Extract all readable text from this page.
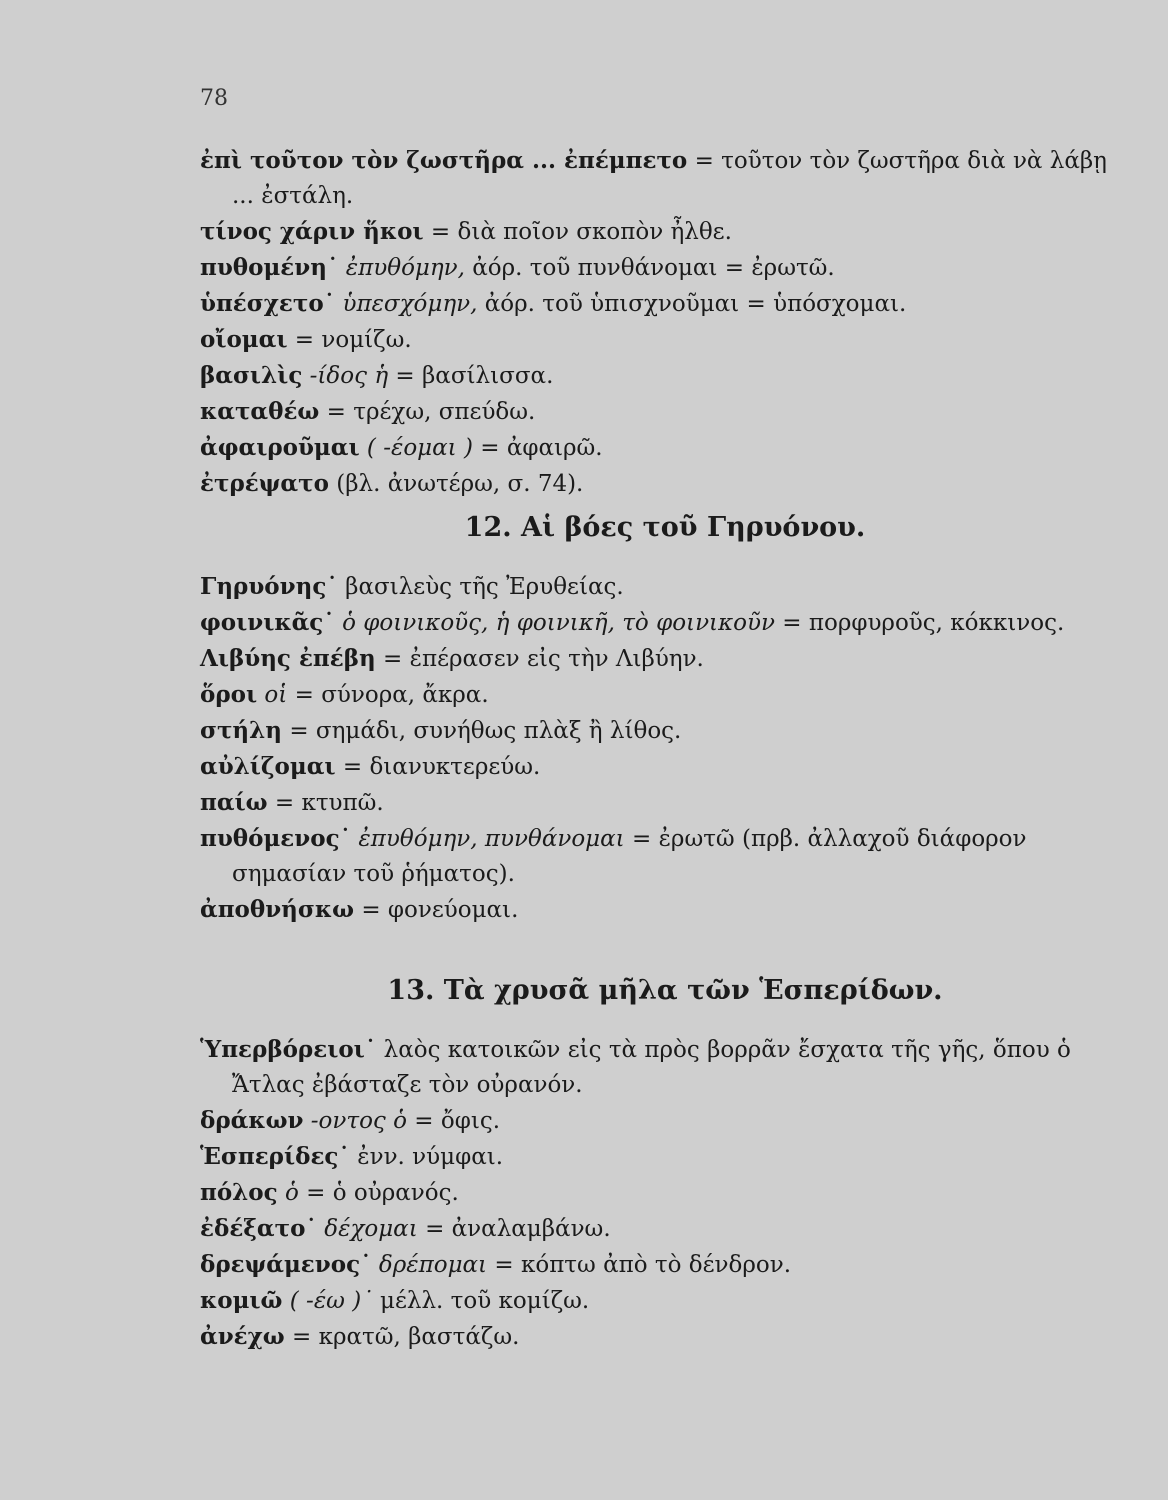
78

ἐπὶ τοῦτον τὸν ζωστῆρα ... ἐπέμπετο = τοῦτον τὸν ζωστῆρα διὰ νὰ λάβῃ ... ἐστάλη.

τίνος χάριν ἥκοι = διὰ ποῖον σκοπὸν ἦλθε.

πυθομένη˙ ἐπυθόμην, ἀόρ. τοῦ πυνθάνομαι = ἐρωτῶ.

ὑπέσχετο˙ ὑπεσχόμην, ἀόρ. τοῦ ὑπισχνοῦμαι = ὑπόσχομαι.

οἴομαι = νομίζω.

βασιλὶς -ίδος ἡ = βασίλισσα.

καταθέω = τρέχω, σπεύδω.

ἀφαιροῦμαι ( -έομαι ) = ἀφαιρῶ.

ἐτρέψατο (βλ. ἀνωτέρω, σ. 74).

12. Αἱ βόες τοῦ Γηρυόνου.

Γηρυόνης˙ βασιλεὺς τῆς Ἐρυθείας.

φοινικᾶς˙ ὁ φοινικοῦς, ἡ φοινικῆ, τὸ φοινικοῦν = πορφυροῦς, κόκκινος.

Λιβύης ἐπέβη = ἐπέρασεν εἰς τὴν Λιβύην.

ὅροι οἱ = σύνορα, ἄκρα.

στήλη = σημάδι, συνήθως πλὰξ ἢ λίθος.

αὐλίζομαι = διανυκτερεύω.

παίω = κτυπῶ.

πυθόμενος˙ ἐπυθόμην, πυνθάνομαι = ἐρωτῶ (πρβ. ἀλλαχοῦ διάφορον σημασίαν τοῦ ῥήματος).

ἀποθνήσκω = φονεύομαι.

13. Τὰ χρυσᾶ μῆλα τῶν Ἑσπερίδων.

Ὑπερβόρειοι˙ λαὸς κατοικῶν εἰς τὰ πρὸς βορρᾶν ἔσχατα τῆς γῆς, ὅπου ὁ Ἄτλας ἐβάσταζε τὸν οὐρανόν.

δράκων -οντος ὁ = ὄφις.

Ἑσπερίδες˙ ἐνν. νύμφαι.

πόλος ὁ = ὁ οὐρανός.

ἐδέξατο˙ δέχομαι = ἀναλαμβάνω.

δρεψάμενος˙ δρέπομαι = κόπτω ἀπὸ τὸ δένδρον.

κομιῶ ( -έω )˙ μέλλ. τοῦ κομίζω.

ἀνέχω = κρατῶ, βαστάζω.
